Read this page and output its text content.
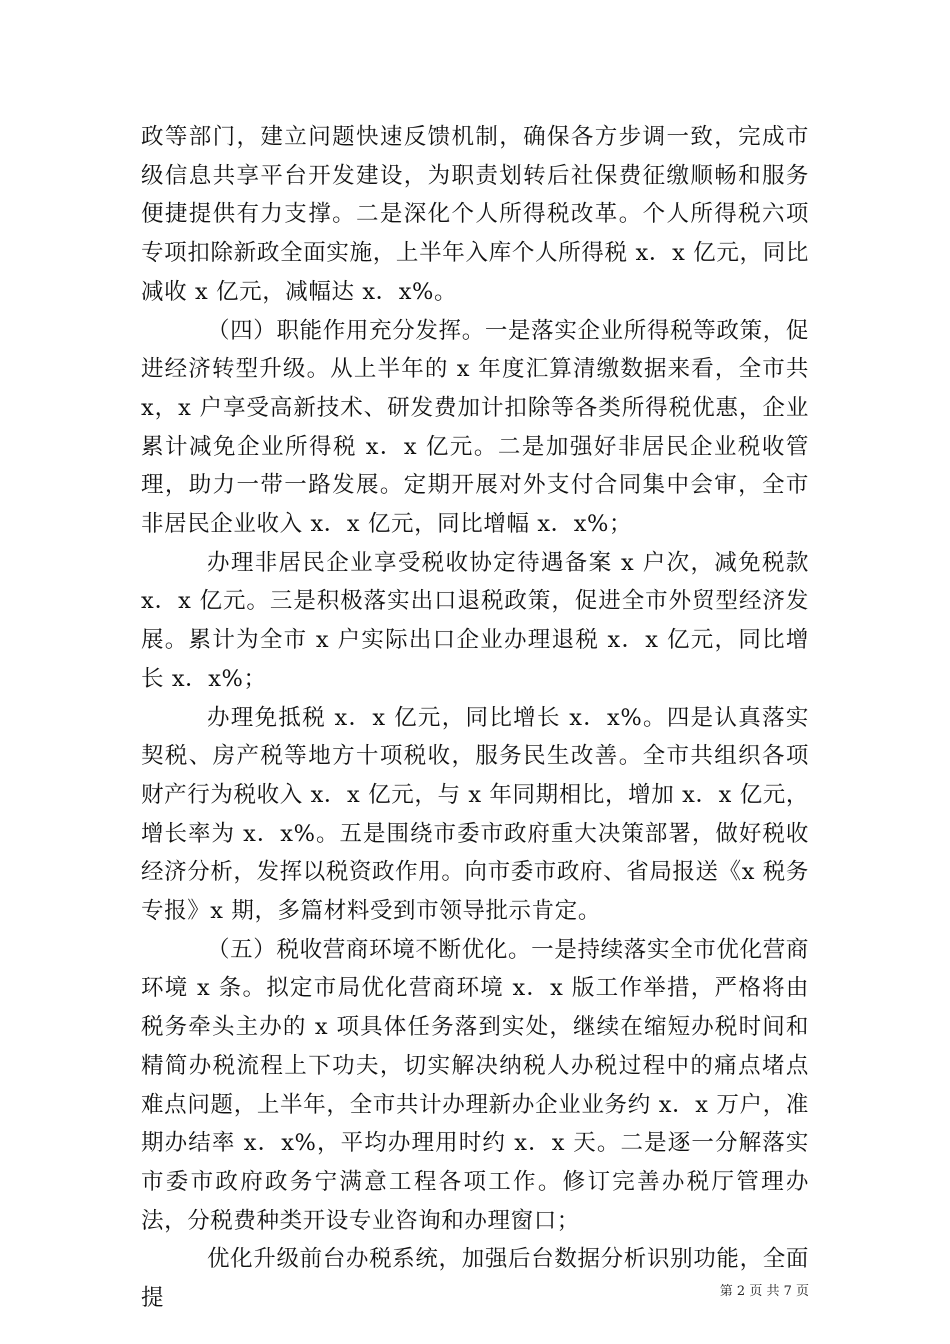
政等部门，建立问题快速反馈机制，确保各方步调一致，完成市级信息共享平台开发建设，为职责划转后社保费征缴顺畅和服务便捷提供有力支撑。二是深化个人所得税改革。个人所得税六项专项扣除新政全面实施，上半年入库个人所得税 x．x 亿元，同比减收 x 亿元，减幅达 x．x%。

（四）职能作用充分发挥。一是落实企业所得税等政策，促进经济转型升级。从上半年的 x 年度汇算清缴数据来看，全市共 x，x 户享受高新技术、研发费加计扣除等各类所得税优惠，企业累计减免企业所得税 x．x 亿元。二是加强好非居民企业税收管理，助力一带一路发展。定期开展对外支付合同集中会审，全市非居民企业收入 x．x 亿元，同比增幅 x．x%；

办理非居民企业享受税收协定待遇备案 x 户次，减免税款 x．x 亿元。三是积极落实出口退税政策，促进全市外贸型经济发展。累计为全市 x 户实际出口企业办理退税 x．x 亿元，同比增长 x．x%；

办理免抵税 x．x 亿元，同比增长 x．x%。四是认真落实契税、房产税等地方十项税收，服务民生改善。全市共组织各项财产行为税收入 x．x 亿元，与 x 年同期相比，增加 x．x 亿元，增长率为 x．x%。五是围绕市委市政府重大决策部署，做好税收经济分析，发挥以税资政作用。向市委市政府、省局报送《x 税务专报》x 期，多篇材料受到市领导批示肯定。

（五）税收营商环境不断优化。一是持续落实全市优化营商环境 x 条。拟定市局优化营商环境 x．x 版工作举措，严格将由税务牵头主办的 x 项具体任务落到实处，继续在缩短办税时间和精简办税流程上下功夫，切实解决纳税人办税过程中的痛点堵点难点问题，上半年，全市共计办理新办企业业务约 x．x 万户，准期办结率 x．x%，平均办理用时约 x．x 天。二是逐一分解落实市委市政府政务宁满意工程各项工作。修订完善办税厅管理办法，分税费种类开设专业咨询和办理窗口；

优化升级前台办税系统，加强后台数据分析识别功能，全面提	第 2 页 共 7 页
